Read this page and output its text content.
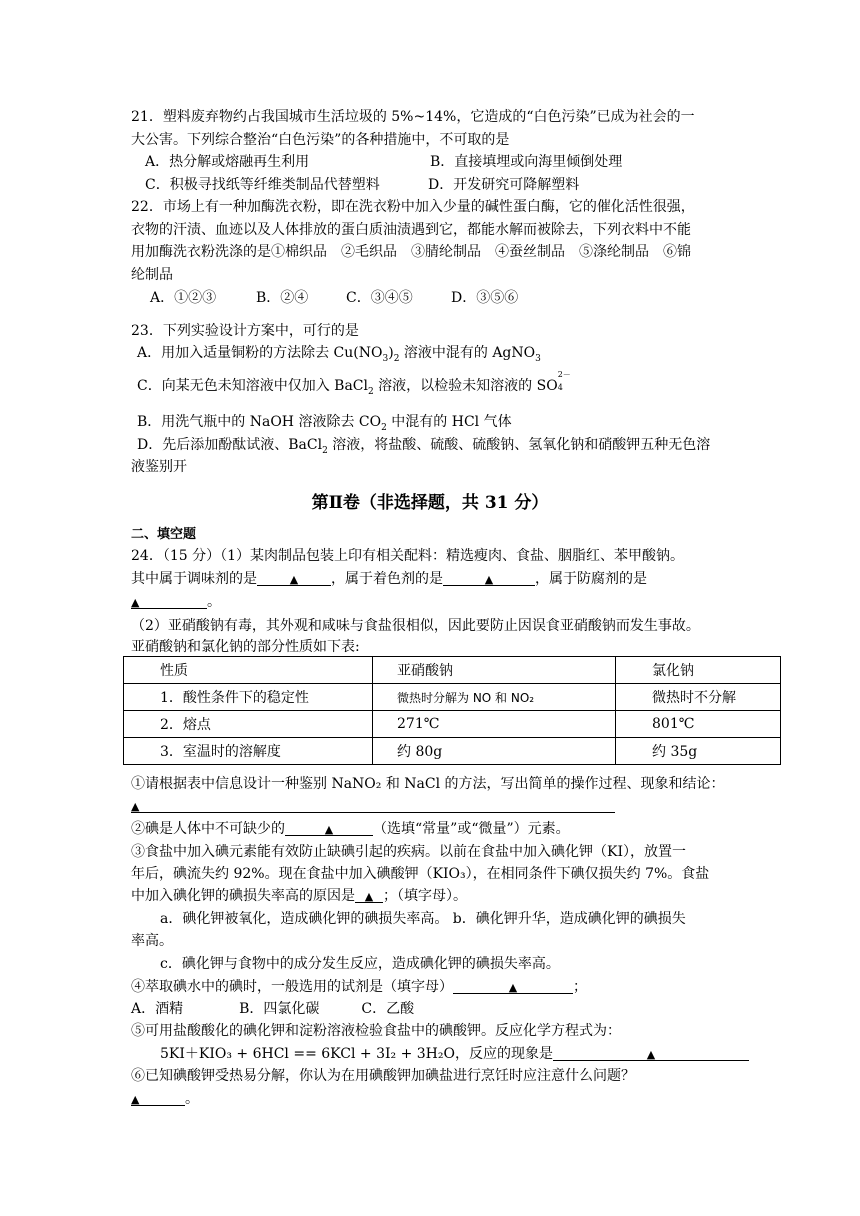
21．塑料废弃物约占我国城市生活垃圾的 5%~14%，它造成的“白色污染”已成为社会的一
大公害。下列综合整治“白色污染”的各种措施中，不可取的是
A．热分解或熔融再生利用	B．直接填埋或向海里倾倒处理
C．积极寻找纸等纤维类制品代替塑料	D．开发研究可降解塑料
22．市场上有一种加酶洗衣粉，即在洗衣粉中加入少量的碱性蛋白酶，它的催化活性很强，
衣物的汗渍、血迹以及人体排放的蛋白质油渍遇到它，都能水解而被除去，下列衣料中不能
用加酶洗衣粉洗涤的是①棉织品　②毛织品　③腈纶制品　④蚕丝制品　⑤涤纶制品　⑥锦
纶制品
A．①②③	B．②④	C．③④⑤	D．③⑤⑥
23．下列实验设计方案中，可行的是
A．用加入适量铜粉的方法除去 $Cu(NO_3)_2$ 溶液中混有的 AgNO$_3$
C．向某无色未知溶液中仅加入 BaCl$_2$ 溶液，以检验未知溶液的 SO
2－
4
B．用洗气瓶中的 NaOH 溶液除去 $CO_2$ 中混有的 HCl 气体
D．先后添加酚酞试液、BaCl$_2$ 溶液，将盐酸、硫酸、硫酸钠、氢氧化钠和硝酸钾五种无色溶
液鉴别开
第Ⅱ卷（非选择题，共 31 分）
二、填空题
24．（15 分）（1）某肉制品包装上印有相关配料：精选瘦肉、食盐、胭脂红、苯甲酸钠。
其中属于调味剂的是	▲ ，属于着色剂的是	▲	，属于防腐剂的是
▲	。
（2）亚硝酸钠有毒，其外观和咸味与食盐很相似，因此要防止因误食亚硝酸钠而发生事故。
亚硝酸钠和氯化钠的部分性质如下表:
性质	亚硝酸钠	氯化钠
1．酸性条件下的稳定性	微热时分解为 NO 和 NO₂	微热时不分解
2．熔点	271℃	801℃
3．室温时的溶解度	约 80g	约 35g
①请根据表中信息设计一种鉴别 NaNO₂ 和 NaCl 的方法，写出简单的操作过程、现象和结论：
▲
②碘是人体中不可缺少的	▲	（选填“常量”或“微量”）元素。
③食盐中加入碘元素能有效防止缺碘引起的疾病。以前在食盐中加入碘化钾（KI），放置一
年后，碘流失约 92%。现在食盐中加入碘酸钾（KIO₃），在相同条件下碘仅损失约 7%。食盐
中加入碘化钾的碘损失率高的原因是 ▲ ；（填字母）。
a．碘化钾被氧化，造成碘化钾的碘损失率高。 b．碘化钾升华，造成碘化钾的碘损失
率高。
c．碘化钾与食物中的成分发生反应，造成碘化钾的碘损失率高。
④萃取碘水中的碘时，一般选用的试剂是（填字母）	▲	；
A．酒精　　　　B．四氯化碳　　　C．乙酸
⑤可用盐酸酸化的碘化钾和淀粉溶液检验食盐中的碘酸钾。反应化学方程式为：
5KI＋KIO₃ + 6HCl == 6KCl + 3I₂ + 3H₂O，反应的现象是	▲
⑥已知碘酸钾受热易分解，你认为在用碘酸钾加碘盐进行烹饪时应注意什么问题？
▲	。
